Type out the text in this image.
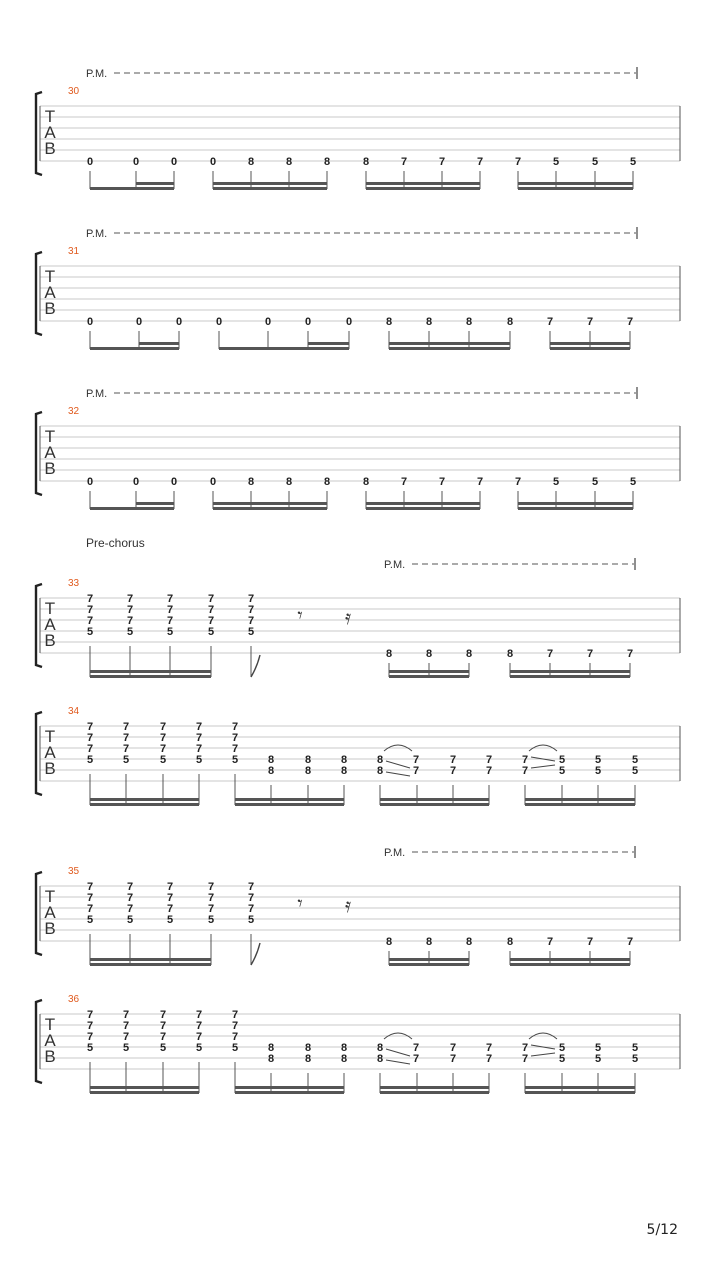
T
A
B
30
P.M.
0	0	0	0	8	8	8	8	7	7	7	7	5	5	5
T
A
B
31
P.M.
0	0	0	0	0	0	0	8	8	8	8	7	7	7
T
A
B
32
P.M.
0	0	0	0	8	8	8	8	7	7	7	7	5	5	5
T
A
B
33
Pre-chorus
P.M.
7
7
7
5
7
7
7
5
7
7
7
5
7
7
7
5
7
7
7
5
𝄾 𝄿
8	8	8	8	7	7	7
T
A
B
35
P.M.
7
7
7
5
7
7
7
5
7
7
7
5
7
7
7
5
7
7
7
5
𝄾 𝄿
8	8	8	8	7	7	7
T
A
B
34
7
7
7
5
7
7
7
5
7
7
7
5
7
7
7
5
7
7
7
5	8
8
8
8
8
8
8
8
7
7
7
7
7
7
7
7
5
5
5
5
5
5
T
A
B
36
7
7
7
5
7
7
7
5
7
7
7
5
7
7
7
5
7
7
7
5	8
8
8
8
8
8
8
8
7
7
7
7
7
7
7
7
5
5
5
5
5
5
5/12
